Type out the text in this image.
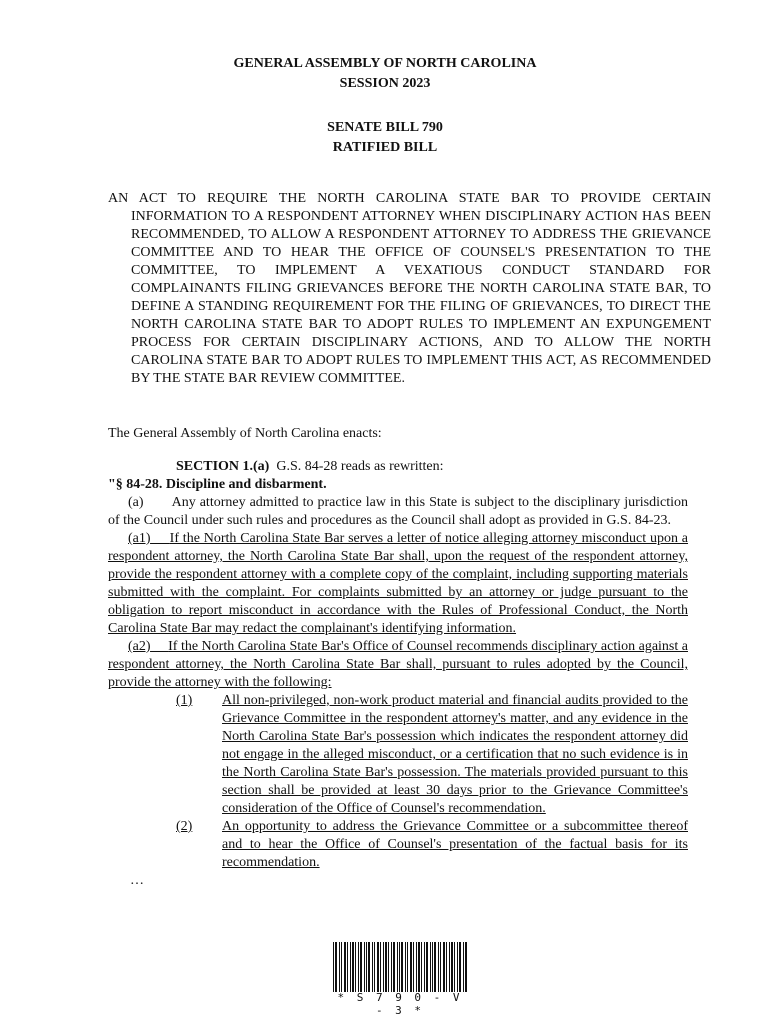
GENERAL ASSEMBLY OF NORTH CAROLINA
SESSION 2023
SENATE BILL 790
RATIFIED BILL
AN ACT TO REQUIRE THE NORTH CAROLINA STATE BAR TO PROVIDE CERTAIN INFORMATION TO A RESPONDENT ATTORNEY WHEN DISCIPLINARY ACTION HAS BEEN RECOMMENDED, TO ALLOW A RESPONDENT ATTORNEY TO ADDRESS THE GRIEVANCE COMMITTEE AND TO HEAR THE OFFICE OF COUNSEL'S PRESENTATION TO THE COMMITTEE, TO IMPLEMENT A VEXATIOUS CONDUCT STANDARD FOR COMPLAINANTS FILING GRIEVANCES BEFORE THE NORTH CAROLINA STATE BAR, TO DEFINE A STANDING REQUIREMENT FOR THE FILING OF GRIEVANCES, TO DIRECT THE NORTH CAROLINA STATE BAR TO ADOPT RULES TO IMPLEMENT AN EXPUNGEMENT PROCESS FOR CERTAIN DISCIPLINARY ACTIONS, AND TO ALLOW THE NORTH CAROLINA STATE BAR TO ADOPT RULES TO IMPLEMENT THIS ACT, AS RECOMMENDED BY THE STATE BAR REVIEW COMMITTEE.
The General Assembly of North Carolina enacts:

SECTION 1.(a) G.S. 84-28 reads as rewritten:

"§ 84-28. Discipline and disbarment.

(a) Any attorney admitted to practice law in this State is subject to the disciplinary jurisdiction of the Council under such rules and procedures as the Council shall adopt as provided in G.S. 84-23.

(a1) If the North Carolina State Bar serves a letter of notice alleging attorney misconduct upon a respondent attorney, the North Carolina State Bar shall, upon the request of the respondent attorney, provide the respondent attorney with a complete copy of the complaint, including supporting materials submitted with the complaint. For complaints submitted by an attorney or judge pursuant to the obligation to report misconduct in accordance with the Rules of Professional Conduct, the North Carolina State Bar may redact the complainant's identifying information.

(a2) If the North Carolina State Bar's Office of Counsel recommends disciplinary action against a respondent attorney, the North Carolina State Bar shall, pursuant to rules adopted by the Council, provide the attorney with the following:

(1) All non-privileged, non-work product material and financial audits provided to the Grievance Committee in the respondent attorney's matter, and any evidence in the North Carolina State Bar's possession which indicates the respondent attorney did not engage in the alleged misconduct, or a certification that no such evidence is in the North Carolina State Bar's possession. The materials provided pursuant to this section shall be provided at least 30 days prior to the Grievance Committee's consideration of the Office of Counsel's recommendation.
(2) An opportunity to address the Grievance Committee or a subcommittee thereof and to hear the Office of Counsel's presentation of the factual basis for its recommendation.
…
* S 7 9 0 - V - 3 *
